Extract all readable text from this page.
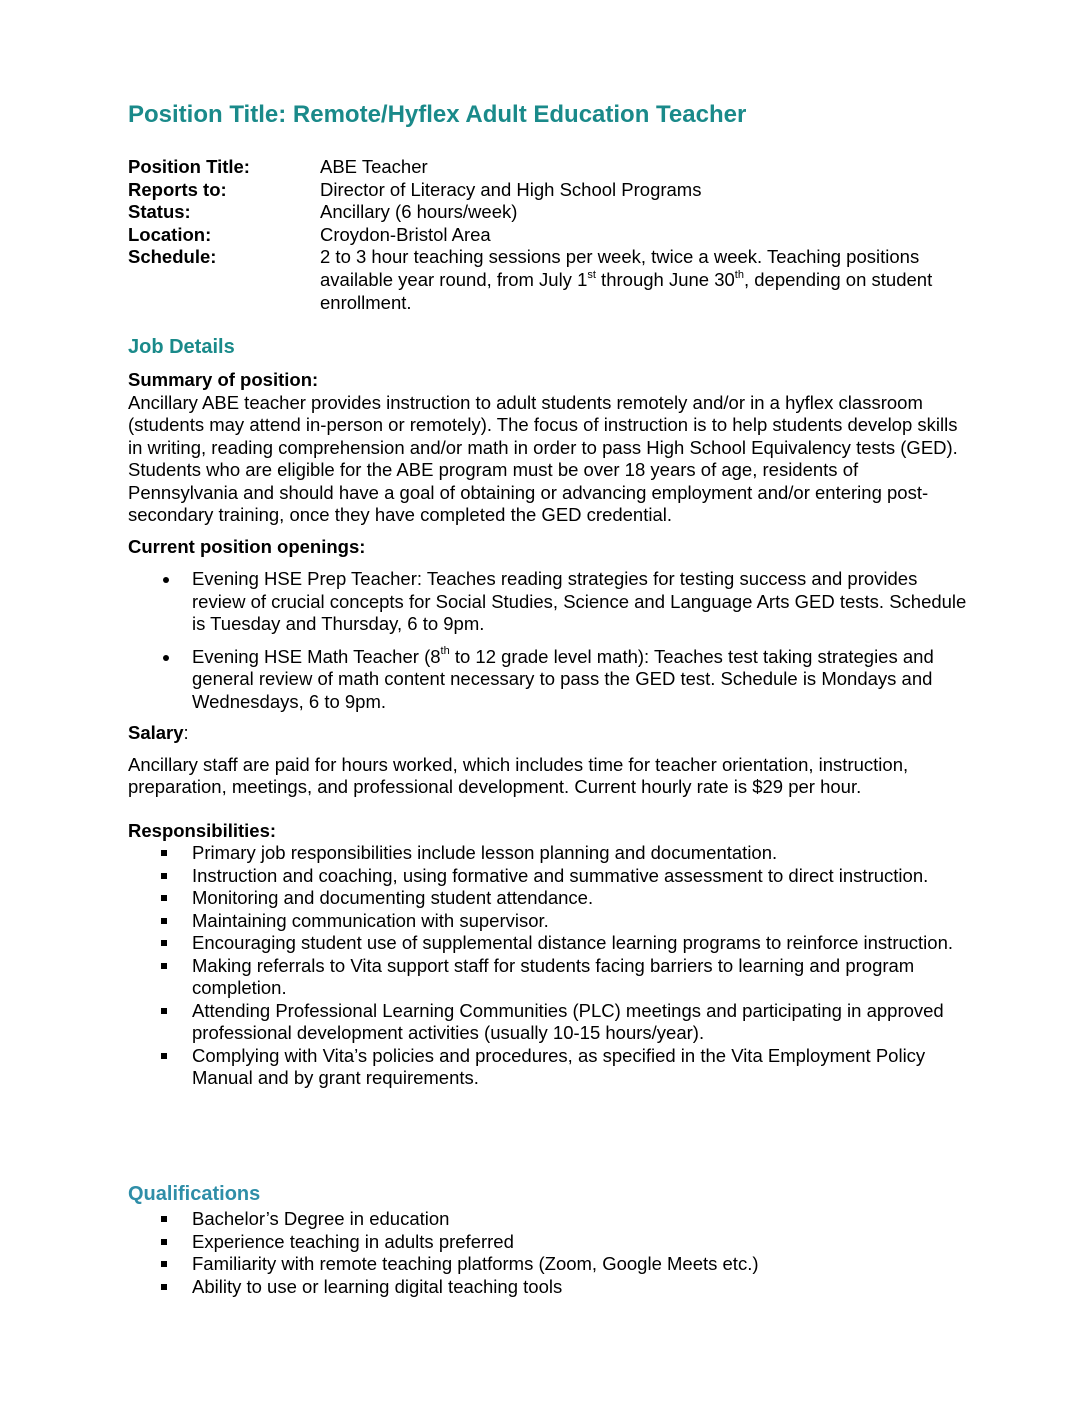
Position Title: Remote/Hyflex Adult Education Teacher
Position Title:	ABE Teacher
Reports to:	Director of Literacy and High School Programs
Status:	Ancillary (6 hours/week)
Location:	Croydon-Bristol Area
Schedule:	2 to 3 hour teaching sessions per week, twice a week. Teaching positions available year round, from July 1st through June 30th, depending on student enrollment.
Job Details
Summary of position:

Ancillary ABE teacher provides instruction to adult students remotely and/or in a hyflex classroom (students may attend in-person or remotely). The focus of instruction is to help students develop skills in writing, reading comprehension and/or math in order to pass High School Equivalency tests (GED). Students who are eligible for the ABE program must be over 18 years of age, residents of Pennsylvania and should have a goal of obtaining or advancing employment and/or entering post-secondary training, once they have completed the GED credential.

Current position openings:
Evening HSE Prep Teacher: Teaches reading strategies for testing success and provides review of crucial concepts for Social Studies, Science and Language Arts GED tests. Schedule is Tuesday and Thursday, 6 to 9pm.
Evening HSE Math Teacher (8th to 12 grade level math): Teaches test taking strategies and general review of math content necessary to pass the GED test. Schedule is Mondays and Wednesdays, 6 to 9pm.
Salary:

Ancillary staff are paid for hours worked, which includes time for teacher orientation, instruction, preparation, meetings, and professional development. Current hourly rate is $29 per hour.

Responsibilities:
Primary job responsibilities include lesson planning and documentation.
Instruction and coaching, using formative and summative assessment to direct instruction.
Monitoring and documenting student attendance.
Maintaining communication with supervisor.
Encouraging student use of supplemental distance learning programs to reinforce instruction.
Making referrals to Vita support staff for students facing barriers to learning and program completion.
Attending Professional Learning Communities (PLC) meetings and participating in approved professional development activities (usually 10-15 hours/year).
Complying with Vita’s policies and procedures, as specified in the Vita Employment Policy Manual and by grant requirements.
Qualifications
Bachelor’s Degree in education
Experience teaching in adults preferred
Familiarity with remote teaching platforms (Zoom, Google Meets etc.)
Ability to use or learning digital teaching tools
